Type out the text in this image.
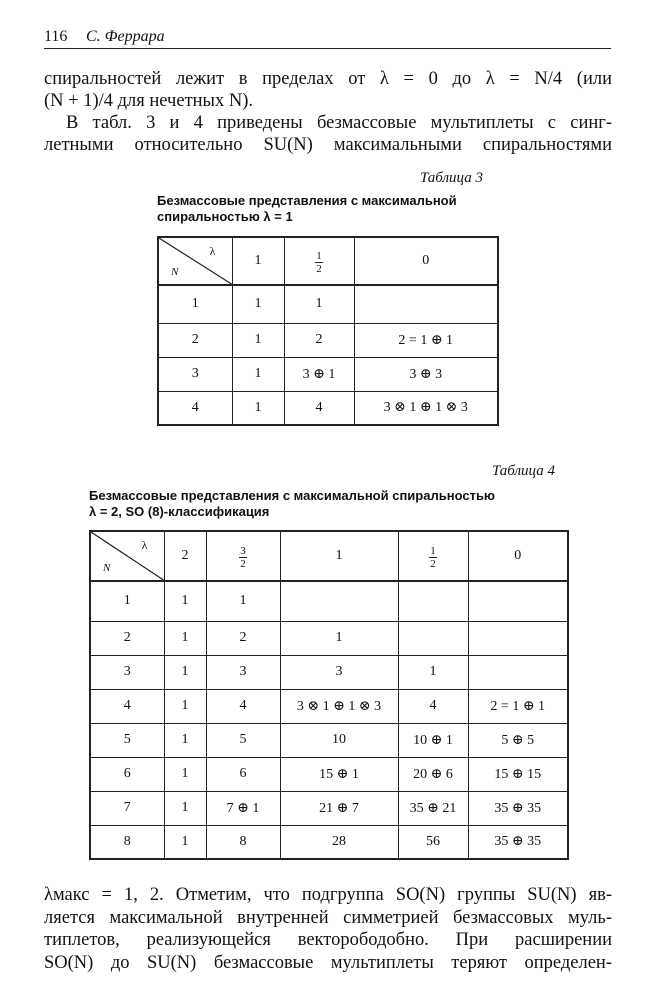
116 С. Феррара
спиральностей лежит в пределах от λ = 0 до λ = N/4 (или
(N + 1)/4 для нечетных N).
В табл. 3 и 4 приведены безмассовые мультиплеты с синг-
летными относительно SU(N) максимальными спиральностями
Таблица 3
Безмассовые представления с максимальной
спиральностью λ = 1
λ
N	1	$\frac{1}{2}$	0
1	1	1	
2	1	2	2 = 1 ⊕ 1
3	1	3 ⊕ 1	3 ⊕ 3
4	1	4	3 ⊗ 1 ⊕ 1 ⊗ 3
Таблица 4
Безмассовые представления с максимальной спиральностью
λ = 2, SO (8)-классификация
λ
N	2	$\frac{3}{2}$	1	$\frac{1}{2}$	0
1	1	1			
2	1	2	1		
3	1	3	3	1	
4	1	4	3 ⊗ 1 ⊕ 1 ⊗ 3	4	2 = 1 ⊕ 1
5	1	5	10	10 ⊕ 1	5 ⊕ 5
6	1	6	15 ⊕ 1	20 ⊕ 6	15 ⊕ 15
7	1	7 ⊕ 1	21 ⊕ 7	35 ⊕ 21	35 ⊕ 35
8	1	8	28	56	35 ⊕ 35
λмакс = 1, 2. Отметим, что подгруппа SO(N) группы SU(N) яв-
ляется максимальной внутренней симметрией безмассовых муль-
типлетов, реализующейся векторободобно. При расширении
SO(N) до SU(N) безмассовые мультиплеты теряют определен-
